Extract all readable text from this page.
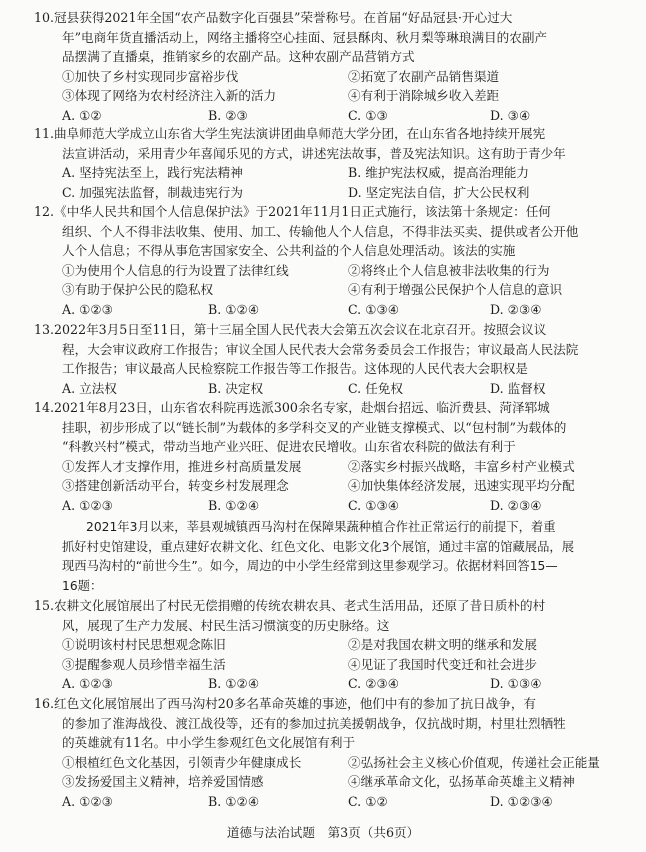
10.冠县获得2021年全国“农产品数字化百强县”荣誉称号。在首届“好品冠县·开心过大
年”电商年货直播活动上，网络主播将空心挂面、冠县酥肉、秋月梨等琳琅满目的农副产
品摆满了直播桌，推销家乡的农副产品。这种农副产品营销方式
①加快了乡村实现同步富裕步伐	②拓宽了农副产品销售渠道
③体现了网络为农村经济注入新的活力	④有利于消除城乡收入差距
A. ①②	B. ②③	C. ①③	D. ③④
11.曲阜师范大学成立山东省大学生宪法演讲团曲阜师范大学分团，在山东省各地持续开展宪
法宣讲活动，采用青少年喜闻乐见的方式，讲述宪法故事，普及宪法知识。这有助于青少年
A. 坚持宪法至上，践行宪法精神	B. 维护宪法权威，提高治理能力
C. 加强宪法监督，制裁违宪行为	D. 坚定宪法自信，扩大公民权利
12.《中华人民共和国个人信息保护法》于2021年11月1日正式施行，该法第十条规定：任何
组织、个人不得非法收集、使用、加工、传输他人个人信息，不得非法买卖、提供或者公开他
人个人信息；不得从事危害国家安全、公共利益的个人信息处理活动。该法的实施
①为使用个人信息的行为设置了法律红线	②将终止个人信息被非法收集的行为
③有助于保护公民的隐私权	④有利于增强公民保护个人信息的意识
A. ①②③	B. ①②④	C. ①③④	D. ②③④
13.2022年3月5日至11日，第十三届全国人民代表大会第五次会议在北京召开。按照会议议
程，大会审议政府工作报告；审议全国人民代表大会常务委员会工作报告；审议最高人民法院
工作报告；审议最高人民检察院工作报告等工作报告。这体现的人民代表大会职权是
A. 立法权	B. 决定权	C. 任免权	D. 监督权
14.2021年8月23日，山东省农科院再选派300余名专家，赴烟台招远、临沂费县、菏泽郓城
挂职，初步形成了以“链长制”为载体的多学科交叉的产业链支撑模式、以“包村制”为载体的
“科教兴村”模式，带动当地产业兴旺、促进农民增收。山东省农科院的做法有利于
①发挥人才支撑作用，推进乡村高质量发展	②落实乡村振兴战略，丰富乡村产业模式
③搭建创新活动平台，转变乡村发展理念	④加快集体经济发展，迅速实现平均分配
A. ①②③	B. ①②④	C. ①③④	D. ②③④
2021年3月以来，莘县观城镇西马沟村在保障果蔬种植合作社正常运行的前提下，着重
抓好村史馆建设，重点建好农耕文化、红色文化、电影文化3个展馆，通过丰富的馆藏展品，展
现西马沟村的“前世今生”。如今，周边的中小学生经常到这里参观学习。依据材料回答15—
16题：
15.农耕文化展馆展出了村民无偿捐赠的传统农耕农具、老式生活用品，还原了昔日质朴的村
风，展现了生产力发展、村民生活习惯演变的历史脉络。这
①说明该村村民思想观念陈旧	②是对我国农耕文明的继承和发展
③提醒参观人员珍惜幸福生活	④见证了我国时代变迁和社会进步
A. ①②③	B. ①②④	C. ②③④	D. ①③④
16.红色文化展馆展出了西马沟村20多名革命英雄的事迹，他们中有的参加了抗日战争，有
的参加了淮海战役、渡江战役等，还有的参加过抗美援朝战争，仅抗战时期，村里壮烈牺牲
的英雄就有11名。中小学生参观红色文化展馆有利于
①根植红色文化基因，引领青少年健康成长	②弘扬社会主义核心价值观，传递社会正能量
③发扬爱国主义精神，培养爱国情感	④继承革命文化，弘扬革命英雄主义精神
A. ①②③	B. ①②④	C. ①②	D. ①②③④
道德与法治试题　第3页（共6页）
